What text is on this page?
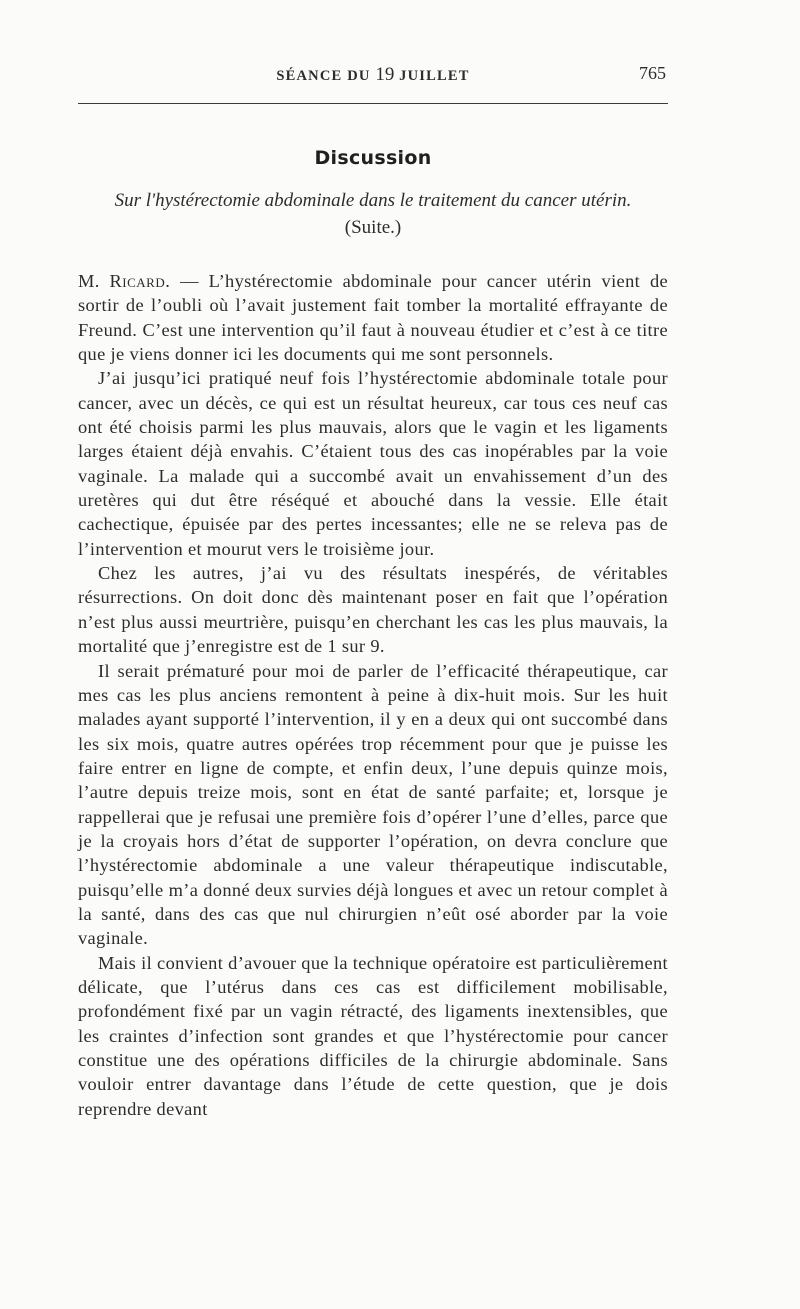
SÉANCE DU 19 JUILLET	765
Discussion
Sur l'hystérectomie abdominale dans le traitement du cancer utérin.
(Suite.)

M. Ricard. — L’hystérectomie abdominale pour cancer utérin vient de sortir de l’oubli où l’avait justement fait tomber la mortalité effrayante de Freund. C’est une intervention qu’il faut à nouveau étudier et c’est à ce titre que je viens donner ici les documents qui me sont personnels.

J’ai jusqu’ici pratiqué neuf fois l’hystérectomie abdominale totale pour cancer, avec un décès, ce qui est un résultat heureux, car tous ces neuf cas ont été choisis parmi les plus mauvais, alors que le vagin et les ligaments larges étaient déjà envahis. C’étaient tous des cas inopérables par la voie vaginale. La malade qui a succombé avait un envahissement d’un des uretères qui dut être réséqué et abouché dans la vessie. Elle était cachectique, épuisée par des pertes incessantes; elle ne se releva pas de l’intervention et mourut vers le troisième jour.

Chez les autres, j’ai vu des résultats inespérés, de véritables résurrections. On doit donc dès maintenant poser en fait que l’opération n’est plus aussi meurtrière, puisqu’en cherchant les cas les plus mauvais, la mortalité que j’enregistre est de 1 sur 9.

Il serait prématuré pour moi de parler de l’efficacité thérapeutique, car mes cas les plus anciens remontent à peine à dix-huit mois. Sur les huit malades ayant supporté l’intervention, il y en a deux qui ont succombé dans les six mois, quatre autres opérées trop récemment pour que je puisse les faire entrer en ligne de compte, et enfin deux, l’une depuis quinze mois, l’autre depuis treize mois, sont en état de santé parfaite; et, lorsque je rappellerai que je refusai une première fois d’opérer l’une d’elles, parce que je la croyais hors d’état de supporter l’opération, on devra conclure que l’hystérectomie abdominale a une valeur thérapeutique indiscutable, puisqu’elle m’a donné deux survies déjà longues et avec un retour complet à la santé, dans des cas que nul chirurgien n’eût osé aborder par la voie vaginale.

Mais il convient d’avouer que la technique opératoire est particulièrement délicate, que l’utérus dans ces cas est difficilement mobilisable, profondément fixé par un vagin rétracté, des ligaments inextensibles, que les craintes d’infection sont grandes et que l’hystérectomie pour cancer constitue une des opérations difficiles de la chirurgie abdominale. Sans vouloir entrer davantage dans l’étude de cette question, que je dois reprendre devant
